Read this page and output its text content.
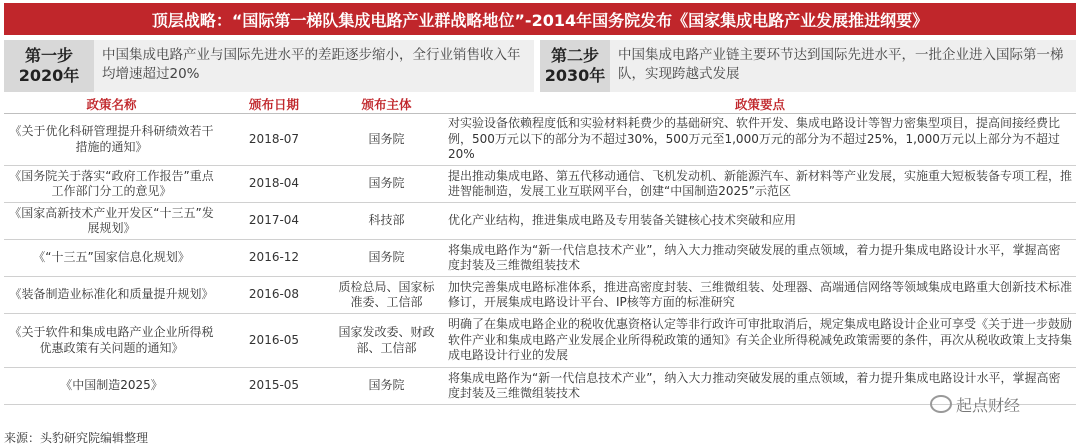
顶层战略：“国际第一梯队集成电路产业群战略地位”-2014年国务院发布《国家集成电路产业发展推进纲要》
第一步
2020年
中国集成电路产业与国际先进水平的差距逐步缩小，全行业销售收入年均增速超过20%
第二步
2030年
中国集成电路产业链主要环节达到国际先进水平，一批企业进入国际第一梯队，实现跨越式发展
政策名称	颁布日期	颁布主体	政策要点
《关于优化科研管理提升科研绩效若干措施的通知》	2018-07	国务院	对实验设备依赖程度低和实验材料耗费少的基础研究、软件开发、集成电路设计等智力密集型项目，提高间接经费比例，500万元以下的部分为不超过30%，500万元至1,000万元的部分为不超过25%，1,000万元以上部分为不超过20%
《国务院关于落实“政府工作报告”重点工作部门分工的意见》	2018-04	国务院	提出推动集成电路、第五代移动通信、飞机发动机、新能源汽车、新材料等产业发展，实施重大短板装备专项工程，推进智能制造，发展工业互联网平台，创建“中国制造2025”示范区
《国家高新技术产业开发区“十三五”发展规划》	2017-04	科技部	优化产业结构，推进集成电路及专用装备关键核心技术突破和应用
《“十三五”国家信息化规划》	2016-12	国务院	将集成电路作为“新一代信息技术产业”，纳入大力推动突破发展的重点领域，着力提升集成电路设计水平，掌握高密度封装及三维微组装技术
《装备制造业标准化和质量提升规划》	2016-08	质检总局、国家标准委、工信部	加快完善集成电路标准体系，推进高密度封装、三维微组装、处理器、高端通信网络等领域集成电路重大创新技术标准修订，开展集成电路设计平台、IP核等方面的标准研究
《关于软件和集成电路产业企业所得税优惠政策有关问题的通知》	2016-05	国家发改委、财政部、工信部	明确了在集成电路企业的税收优惠资格认定等非行政许可审批取消后，规定集成电路设计企业可享受《关于进一步鼓励软件产业和集成电路产业发展企业所得税政策的通知》有关企业所得税减免政策需要的条件，再次从税收政策上支持集成电路设计行业的发展
《中国制造2025》	2015-05	国务院	将集成电路作为“新一代信息技术产业”，纳入大力推动突破发展的重点领域，着力提升集成电路设计水平，掌握高密度封装及三维微组装技术
起点财经
来源：头豹研究院编辑整理
